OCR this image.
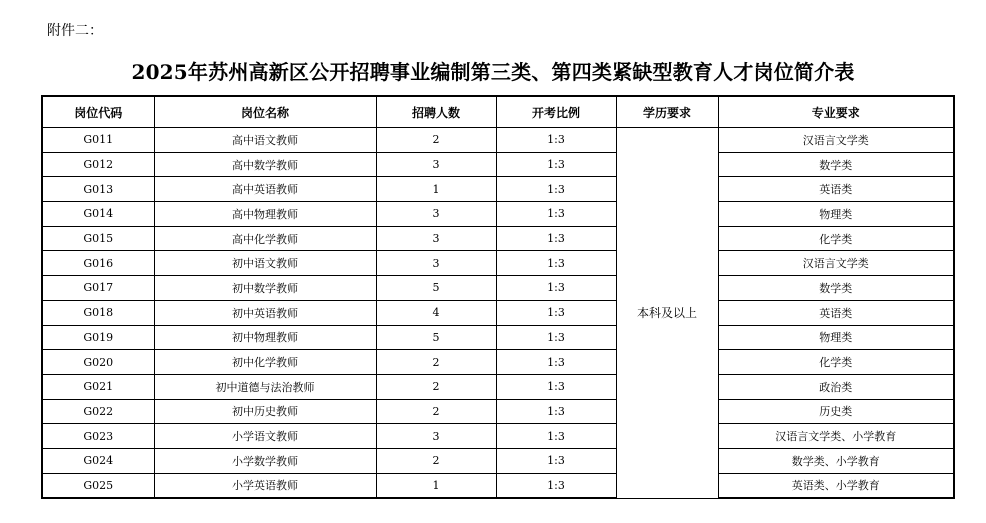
附件二：
2025年苏州高新区公开招聘事业编制第三类、第四类紧缺型教育人才岗位简介表
岗位代码	岗位名称	招聘人数	开考比例	学历要求	专业要求
G011	高中语文教师	2	1:3	本科及以上	汉语言文学类
G012	高中数学教师	3	1:3		数学类
G013	高中英语教师	1	1:3		英语类
G014	高中物理教师	3	1:3		物理类
G015	高中化学教师	3	1:3		化学类
G016	初中语文教师	3	1:3		汉语言文学类
G017	初中数学教师	5	1:3		数学类
G018	初中英语教师	4	1:3		英语类
G019	初中物理教师	5	1:3		物理类
G020	初中化学教师	2	1:3		化学类
G021	初中道德与法治教师	2	1:3		政治类
G022	初中历史教师	2	1:3		历史类
G023	小学语文教师	3	1:3		汉语言文学类、小学教育
G024	小学数学教师	2	1:3		数学类、小学教育
G025	小学英语教师	1	1:3		英语类、小学教育
